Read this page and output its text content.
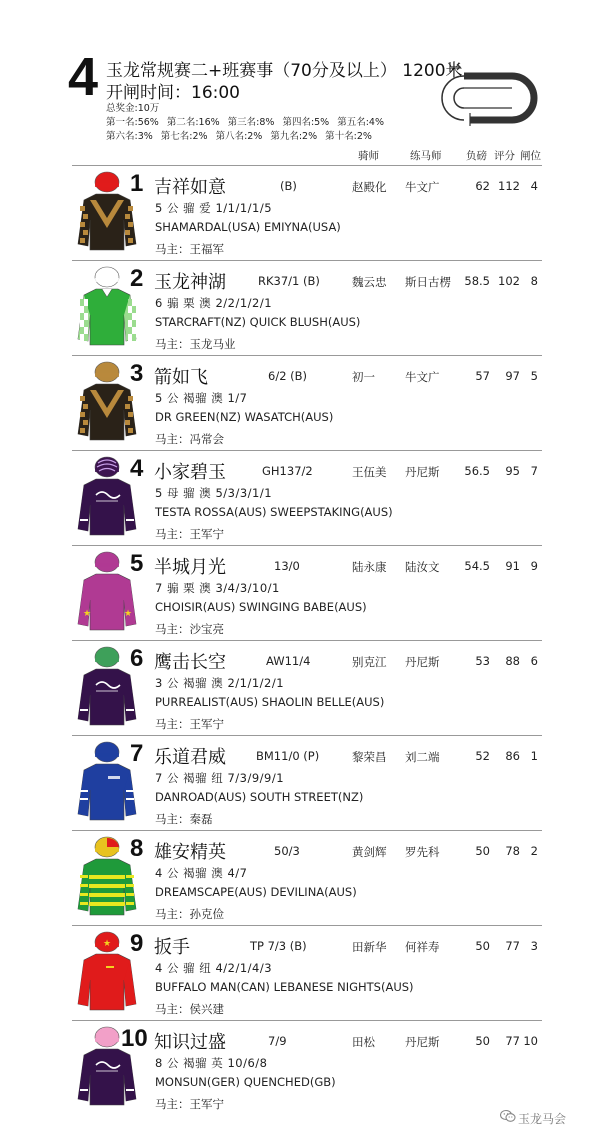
4 玉龙常规赛二+班赛事（70分及以上） 1200米
开闸时间：16:00
总奖金:10万
第一名:56% 第二名:16% 第三名:8% 第四名:5% 第五名:4%
第六名:3% 第七名:2% 第八名:2% 第九名:2% 第十名:2%
骑师	练马师 负磅 评分 闸位
1 吉祥如意	(B)	赵殿化 牛文广	62 112 4
5 公 骝 爱 1/1/1/1/5
SHAMARDAL(USA) EMIYNA(USA)
马主：王福军
2 玉龙神湖	RK37/1 (B)	魏云忠 斯日古楞 58.5 102 8
6 骟 栗 澳 2/2/1/2/1
STARCRAFT(NZ) QUICK BLUSH(AUS)
马主：玉龙马业
3 箭如飞	6/2 (B)	初一	牛文广	57	97 5
5 公 褐骝 澳 1/7
DR GREEN(NZ) WASATCH(AUS)
马主：冯常会
4 小家碧玉	GH137/2	王伍美 丹尼斯 56.5	95 7
5 母 骝 澳 5/3/3/1/1
TESTA ROSSA(AUS) SWEEPSTAKING(AUS)
马主：王军宁
★	★
5 半城月光	13/0	陆永康 陆汝文 54.5	91 9
7 骟 栗 澳 3/4/3/10/1
CHOISIR(AUS) SWINGING BABE(AUS)
马主：沙宝亮
6 鹰击长空	AW11/4	别克江 丹尼斯	53	88 6
3 公 褐骝 澳 2/1/1/2/1
PURREALIST(AUS) SHAOLIN BELLE(AUS)
马主：王军宁
7 乐道君威	BM11/0 (P)	黎荣昌 刘二端	52	86 1
7 公 褐骝 纽 7/3/9/9/1
DANROAD(AUS) SOUTH STREET(NZ)
马主：秦磊
8 雄安精英	50/3	黄剑辉 罗先科	50	78 2
4 公 褐骝 澳 4/7
DREAMSCAPE(AUS) DEVILINA(AUS)
马主：孙克俭
★ 9 扳手	TP 7/3 (B)	田新华 何祥寿	50	77 3
4 公 骝 纽 4/2/1/4/3
BUFFALO MAN(CAN) LEBANESE NIGHTS(AUS)
马主：侯兴建
10 知识过盛	7/9	田松	丹尼斯	50	77 10
8 公 褐骝 英 10/6/8
MONSUN(GER) QUENCHED(GB)
马主：王军宁
玉龙马会
